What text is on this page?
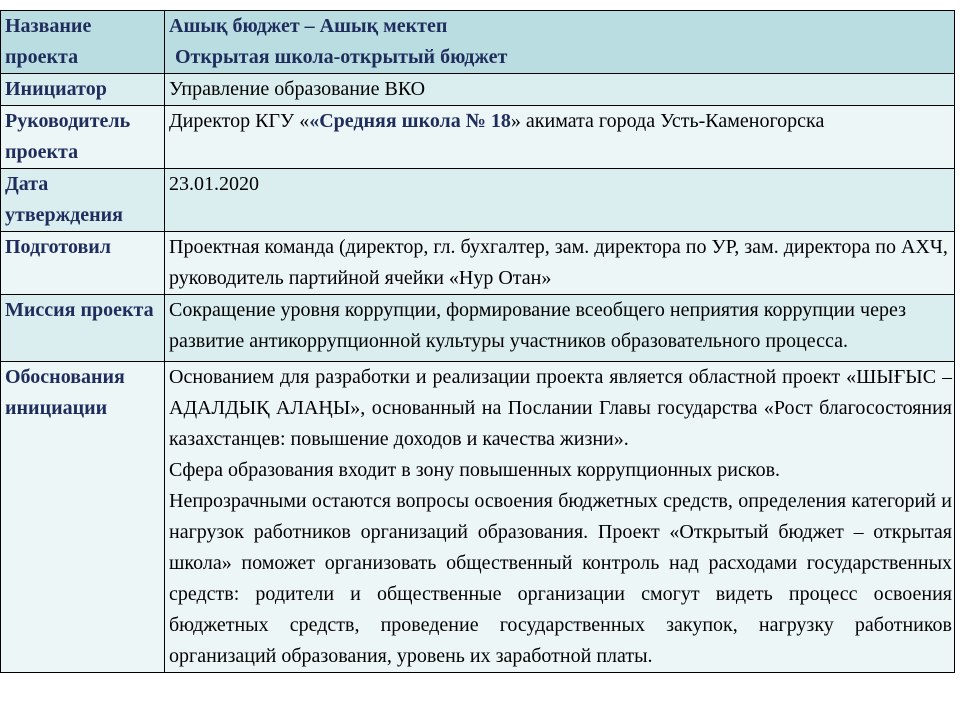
Название проекта	Ашық бюджет – Ашық мектеп
Открытая школа-открытый бюджет

Инициатор	Управление образование ВКО
Руководитель проекта	Директор КГУ ««Средняя школа № 18» акимата города Усть-Каменогорска
Дата утверждения	23.01.2020
Подготовил	Проектная команда (директор, гл. бухгалтер, зам. директора по УР, зам. директора по АХЧ, руководитель партийной ячейки «Нур Отан»
Миссия проекта	Сокращение уровня коррупции, формирование всеобщего неприятия коррупции через развитие антикоррупционной культуры участников образовательного процесса.
Обоснования инициации	Основанием для разработки и реализации проекта является областной проект «ШЫҒЫС – АДАЛДЫҚ АЛАҢЫ», основанный на Послании Главы государства «Рост благосостояния казахстанцев: повышение доходов и качества жизни».

Сфера образования входит в зону повышенных коррупционных рисков.

Непрозрачными остаются вопросы освоения бюджетных средств, определения категорий и нагрузок работников организаций образования. Проект «Открытый бюджет – открытая школа» поможет организовать общественный контроль над расходами государственных средств: родители и общественные организации смогут видеть процесс освоения бюджетных средств, проведение государственных закупок, нагрузку работников организаций образования, уровень их заработной платы.
